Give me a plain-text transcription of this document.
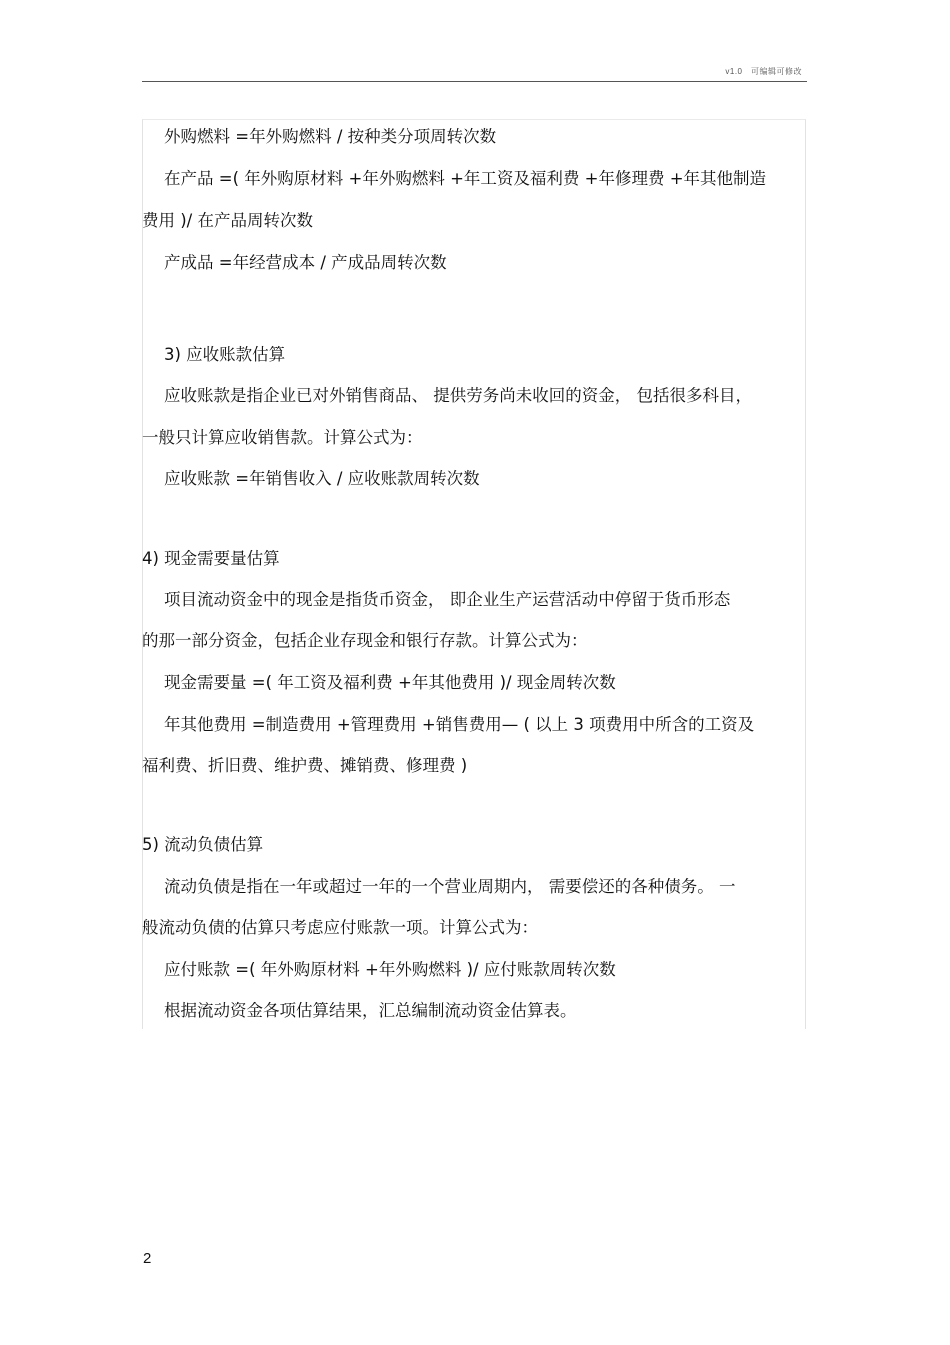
v1.0　可编辑可修改
外购燃料 =年外购燃料 / 按种类分项周转次数
在产品 =( 年外购原材料 +年外购燃料 +年工资及福利费 +年修理费 +年其他制造
费用 )/ 在产品周转次数
产成品 =年经营成本 / 产成品周转次数
3) 应收账款估算
应收账款是指企业已对外销售商品、 提供劳务尚未收回的资金， 包括很多科目，
一般只计算应收销售款。计算公式为：
应收账款 =年销售收入 / 应收账款周转次数
4) 现金需要量估算
项目流动资金中的现金是指货币资金， 即企业生产运营活动中停留于货币形态
的那一部分资金，包括企业存现金和银行存款。计算公式为：
现金需要量 =( 年工资及福利费 +年其他费用 )/ 现金周转次数
年其他费用 =制造费用 +管理费用 +销售费用— ( 以上 3 项费用中所含的工资及
福利费、折旧费、维护费、摊销费、修理费 )
5) 流动负债估算
流动负债是指在一年或超过一年的一个营业周期内， 需要偿还的各种债务。 一
般流动负债的估算只考虑应付账款一项。计算公式为：
应付账款 =( 年外购原材料 +年外购燃料 )/ 应付账款周转次数
根据流动资金各项估算结果，汇总编制流动资金估算表。
2
